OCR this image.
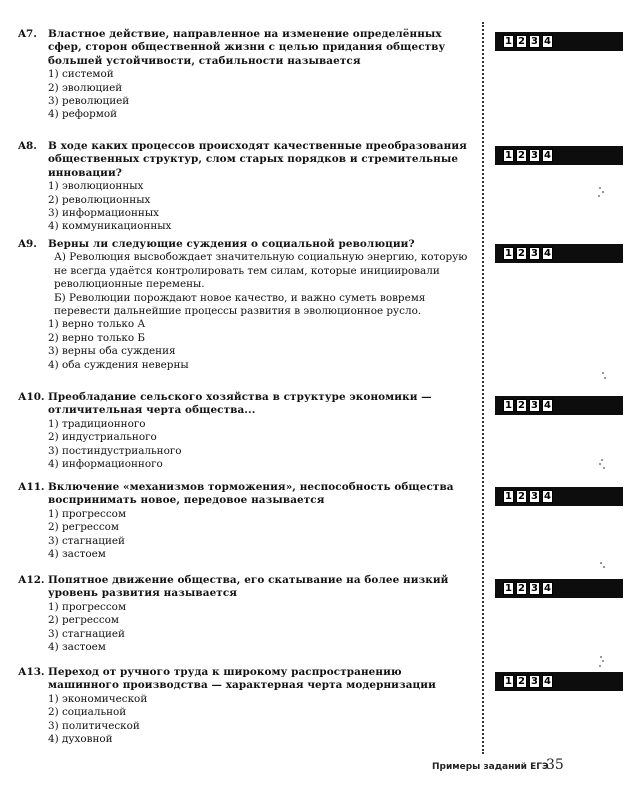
A7. Властное действие, направленное на изменение определённых сфер, сторон общественной жизни с целью придания обществу большей устойчивости, стабильности называется
1) системой
2) эволюцией
3) революцией
4) реформой
A8. В ходе каких процессов происходят качественные преобразования общественных структур, слом старых порядков и стремительные инновации?
1) эволюционных
2) революционных
3) информационных
4) коммуникационных
A9. Верны ли следующие суждения о социальной революции?
А) Революция высвобождает значительную социальную энергию, которую не всегда удаётся контролировать тем силам, которые инициировали революционные перемены.
Б) Революции порождают новое качество, и важно суметь вовремя перевести дальнейшие процессы развития в эволюционное русло.
1) верно только А
2) верно только Б
3) верны оба суждения
4) оба суждения неверны
А10. Преобладание сельского хозяйства в структуре экономики — отличительная черта общества...
1) традиционного
2) индустриального
3) постиндустриального
4) информационного
А11. Включение «механизмов торможения», неспособность общества воспринимать новое, передовое называется
1) прогрессом
2) регрессом
3) стагнацией
4) застоем
А12. Попятное движение общества, его скатывание на более низкий уровень развития называется
1) прогрессом
2) регрессом
3) стагнацией
4) застоем
А13. Переход от ручного труда к широкому распространению машинного производства — характерная черта модернизации
1) экономической
2) социальной
3) политической
4) духовной
1 2 3 4
1 2 3 4
1 2 3 4
1 2 3 4
1 2 3 4
1 2 3 4
1 2 3 4
Примеры заданий ЕГЭ
35
